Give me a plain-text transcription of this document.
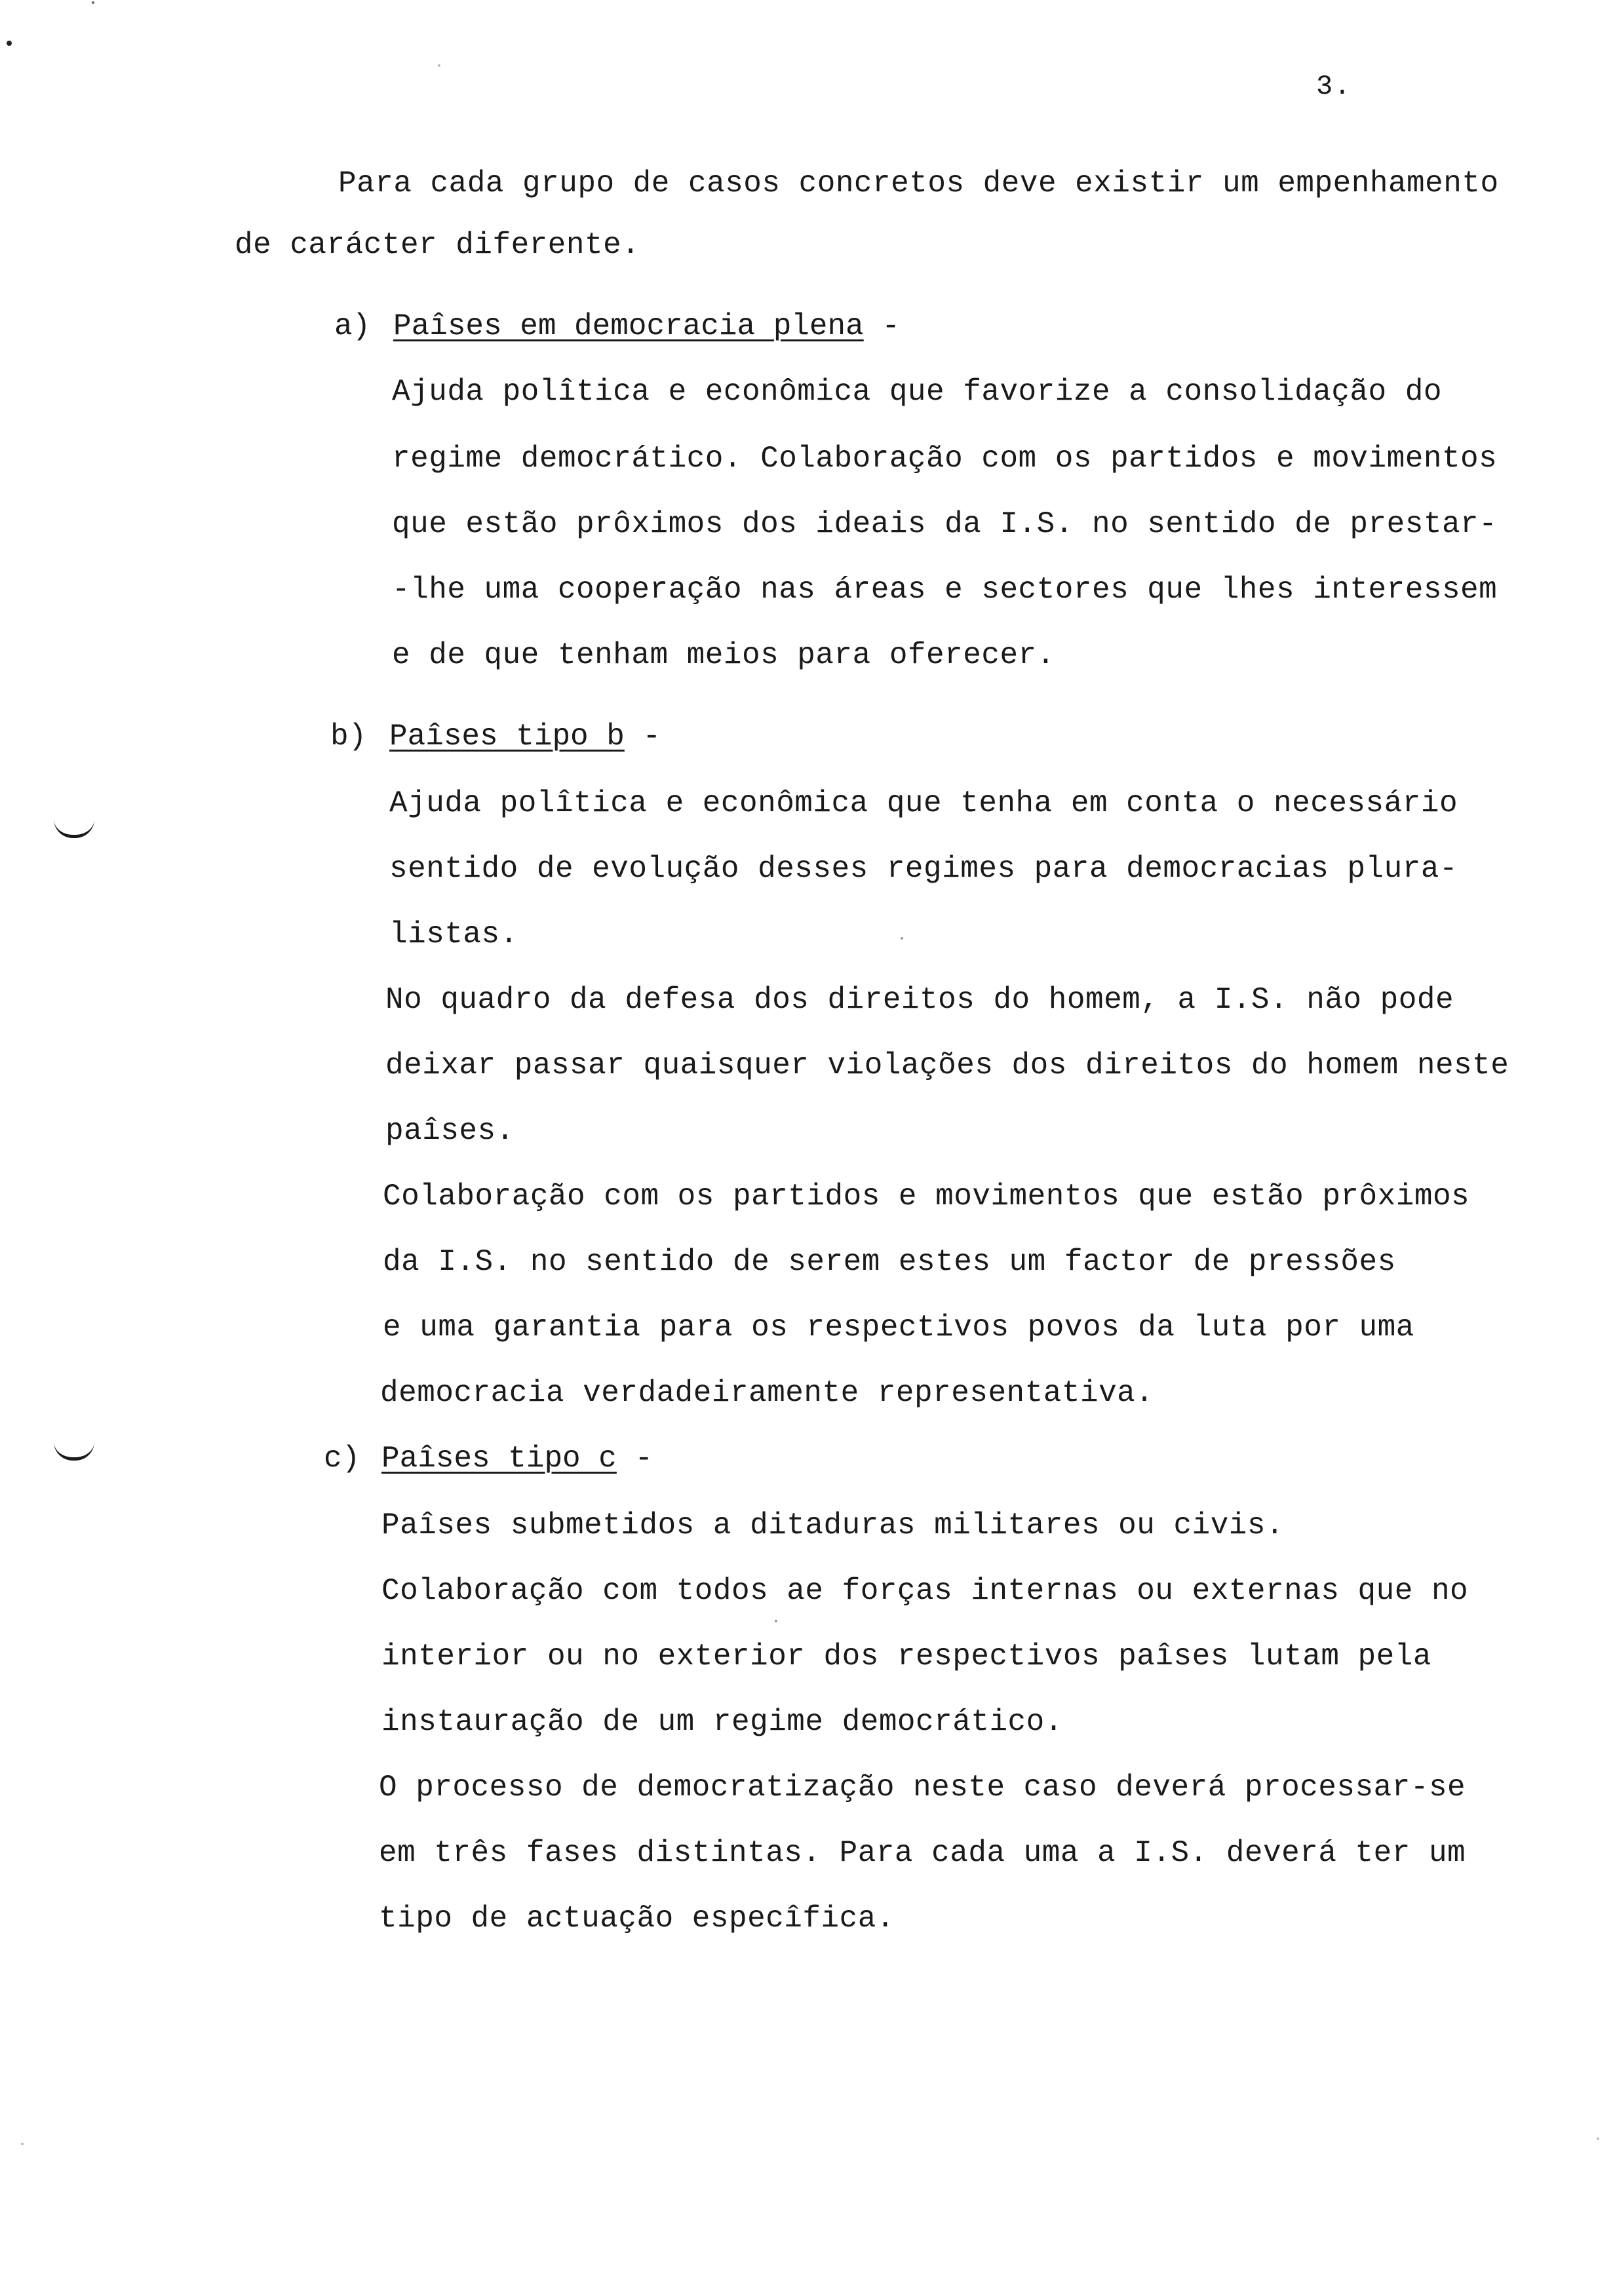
3.
Para cada grupo de casos concretos deve existir um empenhamento
de carácter diferente.
a) Paîses em democracia plena -
Ajuda polîtica e econômica que favorize a consolidação do
regime democrático. Colaboração com os partidos e movimentos
que estão prôximos dos ideais da I.S. no sentido de prestar-
-lhe uma cooperação nas áreas e sectores que lhes interessem
e de que tenham meios para oferecer.
b) Paîses tipo b -
Ajuda polîtica e econômica que tenha em conta o necessário
sentido de evolução desses regimes para democracias plura-
listas.
No quadro da defesa dos direitos do homem, a I.S. não pode
deixar passar quaisquer violações dos direitos do homem neste
paîses.
Colaboração com os partidos e movimentos que estão prôximos
da I.S. no sentido de serem estes um factor de pressões
e uma garantia para os respectivos povos da luta por uma
democracia verdadeiramente representativa.
c) Paîses tipo c -
Paîses submetidos a ditaduras militares ou civis.
Colaboração com todos ae forças internas ou externas que no
interior ou no exterior dos respectivos paîses lutam pela
instauração de um regime democrático.
O processo de democratização neste caso deverá processar-se
em três fases distintas. Para cada uma a I.S. deverá ter um
tipo de actuação especîfica.
